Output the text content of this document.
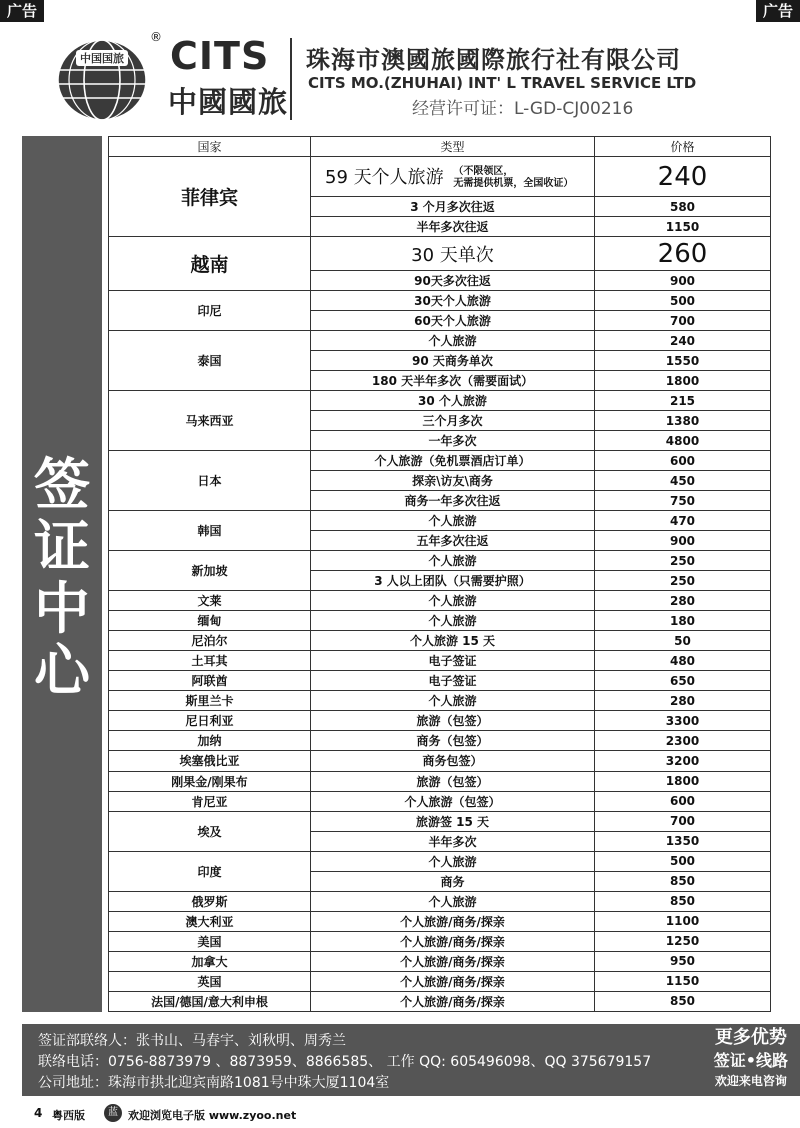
广告	广告
中国国旅
® CITS
中國國旅
珠海市澳國旅國際旅行社有限公司
CITS MO.(ZHUHAI) INT' L TRAVEL SERVICE LTD
经营许可证：L-GD-CJ00216
签
证
中
心
国家	类型	价格
菲律宾	59 天个人旅游 （不限领区，
无需提供机票，全国收证）	240
	3 个月多次往返	580
	半年多次往返	1150
越南	30 天单次	260
	90天多次往返	900
印尼	30天个人旅游	500
	60天个人旅游	700
泰国	个人旅游	240
	90 天商务单次	1550
	180 天半年多次（需要面试）	1800
马来西亚	30 个人旅游	215
	三个月多次	1380
	一年多次	4800
日本	个人旅游（免机票酒店订单）	600
	探亲\访友\商务	450
	商务一年多次往返	750
韩国	个人旅游	470
	五年多次往返	900
新加坡	个人旅游	250
	3 人以上团队（只需要护照）	250
文莱	个人旅游	280
缅甸	个人旅游	180
尼泊尔	个人旅游 15 天	50
土耳其	电子签证	480
阿联酋	电子签证	650
斯里兰卡	个人旅游	280
尼日利亚	旅游（包签）	3300
加纳	商务（包签）	2300
埃塞俄比亚	商务包签）	3200
刚果金/刚果布	旅游（包签）	1800
肯尼亚	个人旅游（包签）	600
埃及	旅游签 15 天	700
	半年多次	1350
印度	个人旅游	500
	商务	850
俄罗斯	个人旅游	850
澳大利亚	个人旅游/商务/探亲	1100
美国	个人旅游/商务/探亲	1250
加拿大	个人旅游/商务/探亲	950
英国	个人旅游/商务/探亲	1150
法国/德国/意大利申根	个人旅游/商务/探亲	850
签证部联络人：张书山、马春宇、刘秋明、周秀兰
联络电话：0756-8873979 、8873959、8866585、 工作 QQ: 605496098、QQ 375679157
公司地址：珠海市拱北迎宾南路1081号中珠大厦1104室
更多优势
签证•线路
欢迎来电咨询
4 粤西版	蓝 欢迎浏览电子版 www.zyoo.net
